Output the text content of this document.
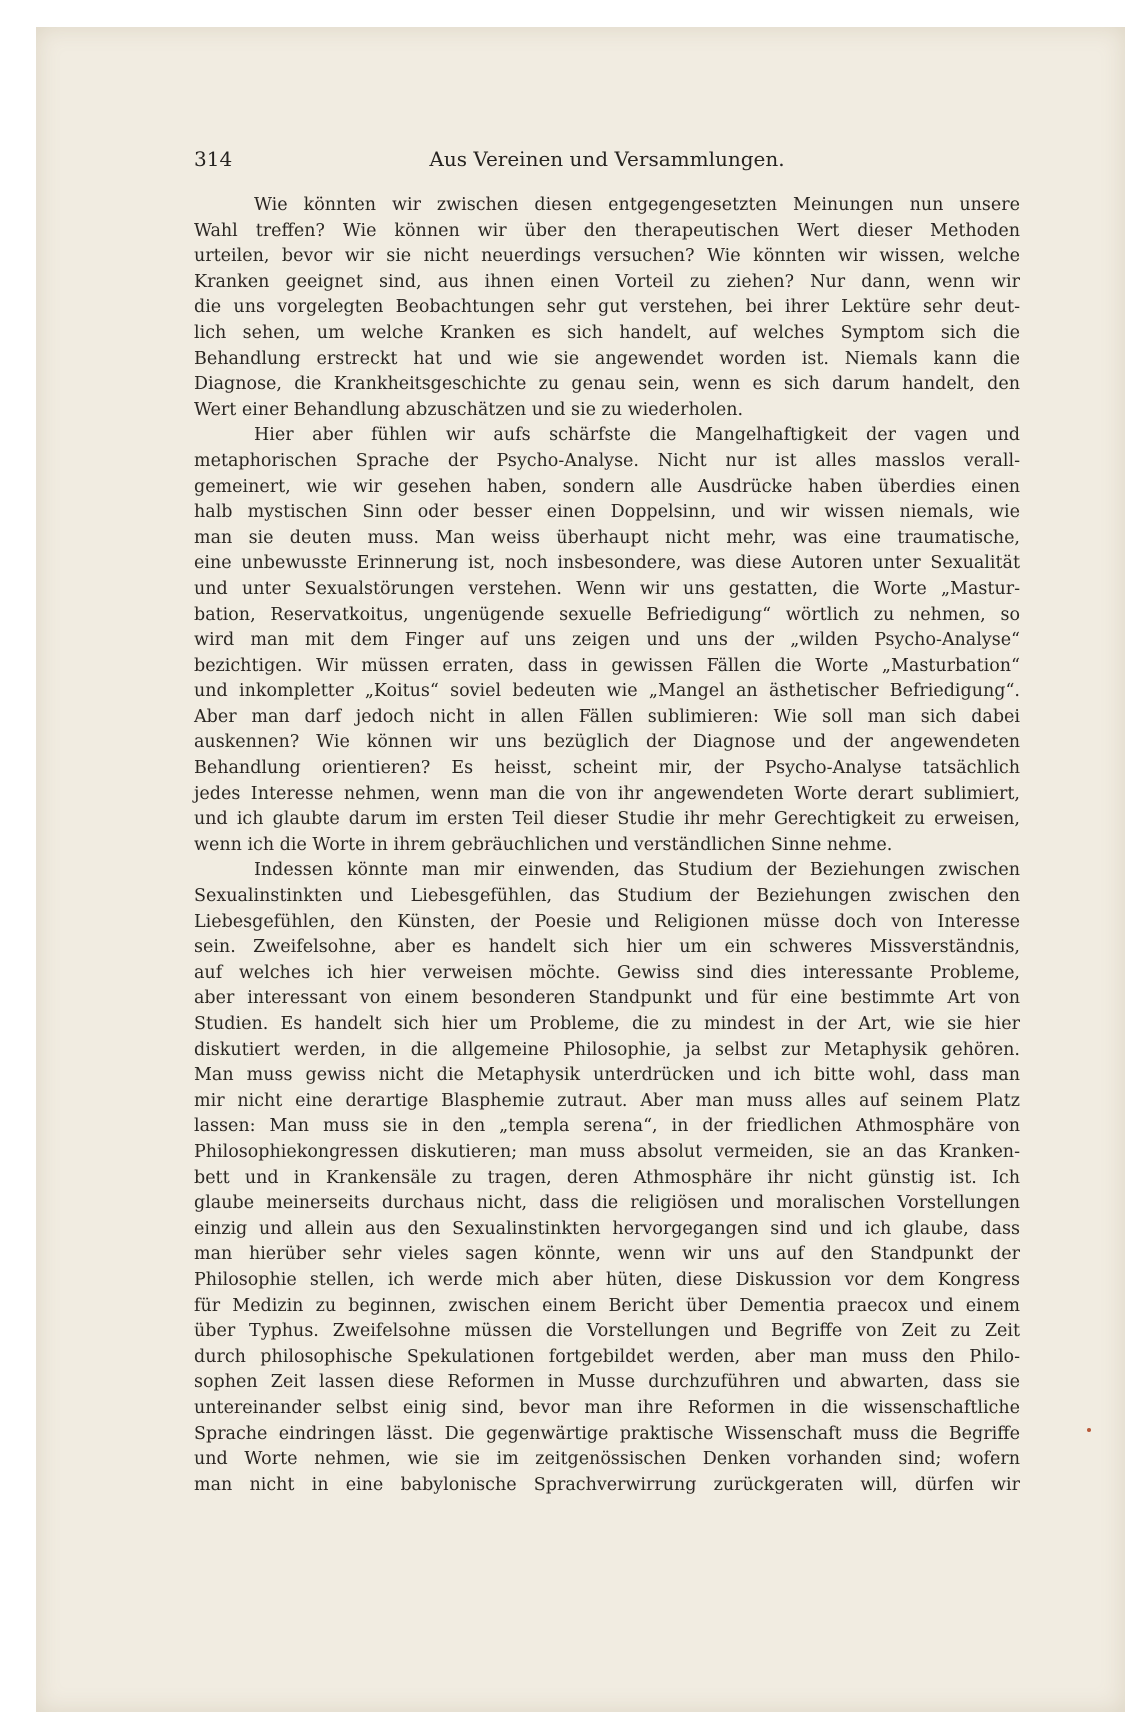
314	Aus Vereinen und Versammlungen.
Wie könnten wir zwischen diesen entgegengesetzten Meinungen nun unsere
Wahl treffen? Wie können wir über den therapeutischen Wert dieser Methoden
urteilen, bevor wir sie nicht neuerdings versuchen? Wie könnten wir wissen, welche
Kranken geeignet sind, aus ihnen einen Vorteil zu ziehen? Nur dann, wenn wir
die uns vorgelegten Beobachtungen sehr gut verstehen, bei ihrer Lektüre sehr deut-
lich sehen, um welche Kranken es sich handelt, auf welches Symptom sich die
Behandlung erstreckt hat und wie sie angewendet worden ist. Niemals kann die
Diagnose, die Krankheitsgeschichte zu genau sein, wenn es sich darum handelt, den
Wert einer Behandlung abzuschätzen und sie zu wiederholen.
Hier aber fühlen wir aufs schärfste die Mangelhaftigkeit der vagen und
metaphorischen Sprache der Psycho-Analyse. Nicht nur ist alles masslos verall-
gemeinert, wie wir gesehen haben, sondern alle Ausdrücke haben überdies einen
halb mystischen Sinn oder besser einen Doppelsinn, und wir wissen niemals, wie
man sie deuten muss. Man weiss überhaupt nicht mehr, was eine traumatische,
eine unbewusste Erinnerung ist, noch insbesondere, was diese Autoren unter Sexualität
und unter Sexualstörungen verstehen. Wenn wir uns gestatten, die Worte „Mastur-
bation, Reservatkoitus, ungenügende sexuelle Befriedigung“ wörtlich zu nehmen, so
wird man mit dem Finger auf uns zeigen und uns der „wilden Psycho-Analyse“
bezichtigen. Wir müssen erraten, dass in gewissen Fällen die Worte „Masturbation“
und inkompletter „Koitus“ soviel bedeuten wie „Mangel an ästhetischer Befriedigung“.
Aber man darf jedoch nicht in allen Fällen sublimieren: Wie soll man sich dabei
auskennen? Wie können wir uns bezüglich der Diagnose und der angewendeten
Behandlung orientieren? Es heisst, scheint mir, der Psycho-Analyse tatsächlich
jedes Interesse nehmen, wenn man die von ihr angewendeten Worte derart sublimiert,
und ich glaubte darum im ersten Teil dieser Studie ihr mehr Gerechtigkeit zu erweisen,
wenn ich die Worte in ihrem gebräuchlichen und verständlichen Sinne nehme.
Indessen könnte man mir einwenden, das Studium der Beziehungen zwischen
Sexualinstinkten und Liebesgefühlen, das Studium der Beziehungen zwischen den
Liebesgefühlen, den Künsten, der Poesie und Religionen müsse doch von Interesse
sein. Zweifelsohne, aber es handelt sich hier um ein schweres Missverständnis,
auf welches ich hier verweisen möchte. Gewiss sind dies interessante Probleme,
aber interessant von einem besonderen Standpunkt und für eine bestimmte Art von
Studien. Es handelt sich hier um Probleme, die zu mindest in der Art, wie sie hier
diskutiert werden, in die allgemeine Philosophie, ja selbst zur Metaphysik gehören.
Man muss gewiss nicht die Metaphysik unterdrücken und ich bitte wohl, dass man
mir nicht eine derartige Blasphemie zutraut. Aber man muss alles auf seinem Platz
lassen: Man muss sie in den „templa serena“, in der friedlichen Athmosphäre von
Philosophiekongressen diskutieren; man muss absolut vermeiden, sie an das Kranken-
bett und in Krankensäle zu tragen, deren Athmosphäre ihr nicht günstig ist. Ich
glaube meinerseits durchaus nicht, dass die religiösen und moralischen Vorstellungen
einzig und allein aus den Sexualinstinkten hervorgegangen sind und ich glaube, dass
man hierüber sehr vieles sagen könnte, wenn wir uns auf den Standpunkt der
Philosophie stellen, ich werde mich aber hüten, diese Diskussion vor dem Kongress
für Medizin zu beginnen, zwischen einem Bericht über Dementia praecox und einem
über Typhus. Zweifelsohne müssen die Vorstellungen und Begriffe von Zeit zu Zeit
durch philosophische Spekulationen fortgebildet werden, aber man muss den Philo-
sophen Zeit lassen diese Reformen in Musse durchzuführen und abwarten, dass sie
untereinander selbst einig sind, bevor man ihre Reformen in die wissenschaftliche
Sprache eindringen lässt. Die gegenwärtige praktische Wissenschaft muss die Begriffe
und Worte nehmen, wie sie im zeitgenössischen Denken vorhanden sind; wofern
man nicht in eine babylonische Sprachverwirrung zurückgeraten will, dürfen wir
